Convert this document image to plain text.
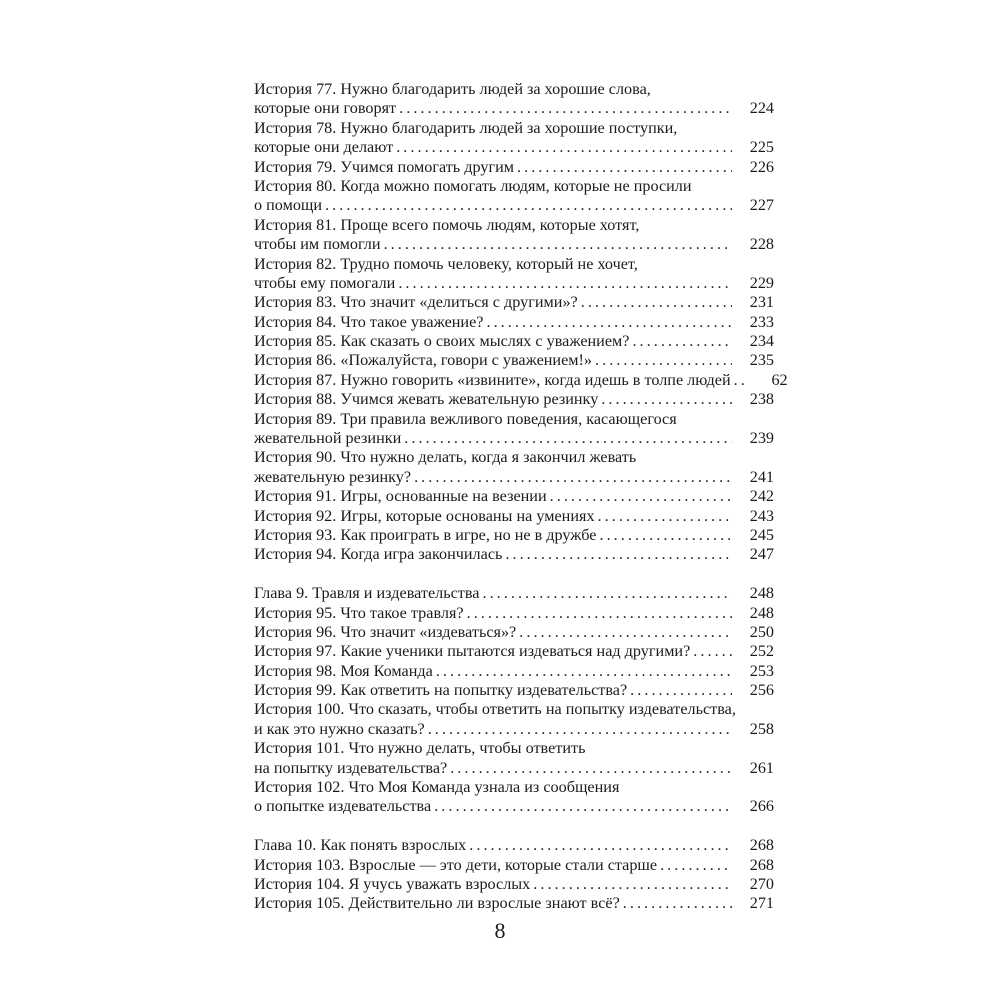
История 77. Нужно благодарить людей за хорошие слова,
которые они говорят . . .	224
История 78. Нужно благодарить людей за хорошие поступки,
которые они делают . . .	225
История 79. Учимся помогать другим . . .	226
История 80. Когда можно помогать людям, которые не просили
о помощи . . .	227
История 81. Проще всего помочь людям, которые хотят,
чтобы им помогли . . .	228
История 82. Трудно помочь человеку, который не хочет,
чтобы ему помогали . . .	229
История 83. Что значит «делиться с другими»? . . .	231
История 84. Что такое уважение? . . .	233
История 85. Как сказать о своих мыслях с уважением? . . .	234
История 86. «Пожалуйста, говори с уважением!» . . .	235
История 87. Нужно говорить «извините», когда идешь в толпе людей . . .	62
История 88. Учимся жевать жевательную резинку . . .	238
История 89. Три правила вежливого поведения, касающегося
жевательной резинки . . .	239
История 90. Что нужно делать, когда я закончил жевать
жевательную резинку? . . .	241
История 91. Игры, основанные на везении . . .	242
История 92. Игры, которые основаны на умениях . . .	243
История 93. Как проиграть в игре, но не в дружбе . . .	245
История 94. Когда игра закончилась . . .	247
Глава 9. Травля и издевательства . . .	248
История 95. Что такое травля? . . .	248
История 96. Что значит «издеваться»? . . .	250
История 97. Какие ученики пытаются издеваться над другими? . . .	252
История 98. Моя Команда . . .	253
История 99. Как ответить на попытку издевательства? . . .	256
История 100. Что сказать, чтобы ответить на попытку издевательства,
и как это нужно сказать? . . .	258
История 101. Что нужно делать, чтобы ответить
на попытку издевательства? . . .	261
История 102. Что Моя Команда узнала из сообщения
о попытке издевательства . . .	266
Глава 10. Как понять взрослых . . .	268
История 103. Взрослые — это дети, которые стали старше . . .	268
История 104. Я учусь уважать взрослых . . .	270
История 105. Действительно ли взрослые знают всё? . . .	271
8
